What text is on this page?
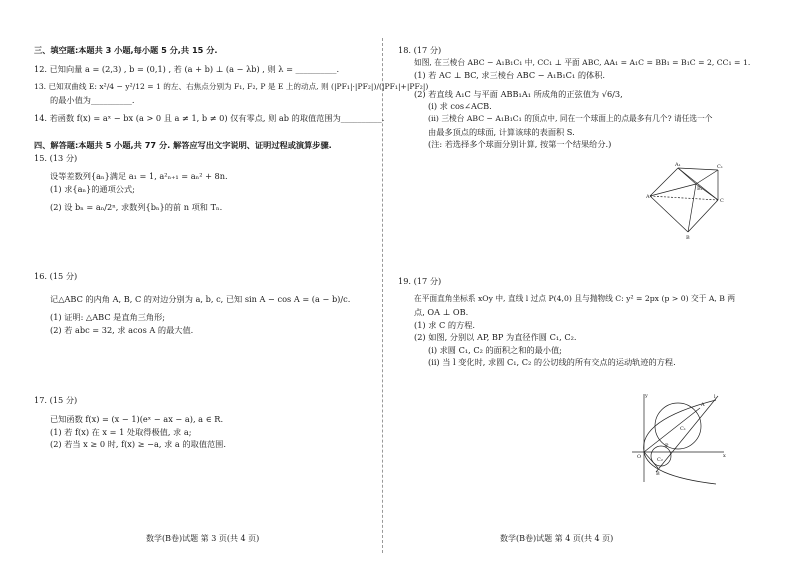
三、填空题:本题共 3 小题,每小题 5 分,共 15 分.

12. 已知向量 a = (2,3) , b = (0,1) , 若 (a + b) ⊥ (a − λb) , 则 λ = __________.

13. 已知双曲线 E: x²/4 − y²/12 = 1 的左、右焦点分别为 F₁, F₂, P 是 E 上的动点, 则 (|PF₁|·|PF₂|)/(|PF₁|+|PF₂|)

的最小值为__________.

14. 若函数 f(x) = aˣ − bx (a > 0 且 a ≠ 1, b ≠ 0) 仅有零点, 则 ab 的取值范围为__________.

四、解答题:本题共 5 小题,共 77 分. 解答应写出文字说明、证明过程或演算步骤.

15. (13 分)

设等差数列{aₙ}满足 a₁ = 1, a²ₙ₊₁ = aₙ² + 8n.

(1) 求{aₙ}的通项公式;

(2) 设 bₙ = aₙ/2ⁿ, 求数列{bₙ}的前 n 项和 Tₙ.

16. (15 分)

记△ABC 的内角 A, B, C 的对边分别为 a, b, c, 已知 sin A − cos A = (a − b)/c.

(1) 证明: △ABC 是直角三角形;

(2) 若 abc = 32, 求 acos A 的最大值.

17. (15 分)

已知函数 f(x) = (x − 1)(eˣ − ax − a), a ∈ R.

(1) 若 f(x) 在 x = 1 处取得极值, 求 a;

(2) 若当 x ≥ 0 时, f(x) ≥ −a, 求 a 的取值范围.

18. (17 分)

如图, 在三棱台 ABC − A₁B₁C₁ 中, CC₁ ⊥ 平面 ABC, AA₁ = A₁C = BB₁ = B₁C = 2, CC₁ = 1.

(1) 若 AC ⊥ BC, 求三棱台 ABC − A₁B₁C₁ 的体积.

(2) 若直线 A₁C 与平面 ABB₁A₁ 所成角的正弦值为 √6/3,

(ⅰ) 求 cos∠ACB.

(ⅱ) 三棱台 ABC − A₁B₁C₁ 的顶点中, 同在一个球面上的点最多有几个? 请任选一个

由最多顶点的球面, 计算该球的表面积 S.

(注: 若选择多个球面分别计算, 按第一个结果给分.)

19. (17 分)

在平面直角坐标系 xOy 中, 直线 l 过点 P(4,0) 且与抛物线 C: y² = 2px (p > 0) 交于 A, B 两

点, OA ⊥ OB.

(1) 求 C 的方程.

(2) 如图, 分别以 AP, BP 为直径作圆 C₁, C₂.

(ⅰ) 求圆 C₁, C₂ 的面积之和的最小值;

(ⅱ) 当 l 变化时, 求圆 C₁, C₂ 的公切线的所有交点的运动轨迹的方程.

A₁	C₁
B₁
A
C
B
y	l
A
C₁
P
O	C₂
B
x
数学(B卷)试题 第 3 页(共 4 页)	数学(B卷)试题 第 4 页(共 4 页)
